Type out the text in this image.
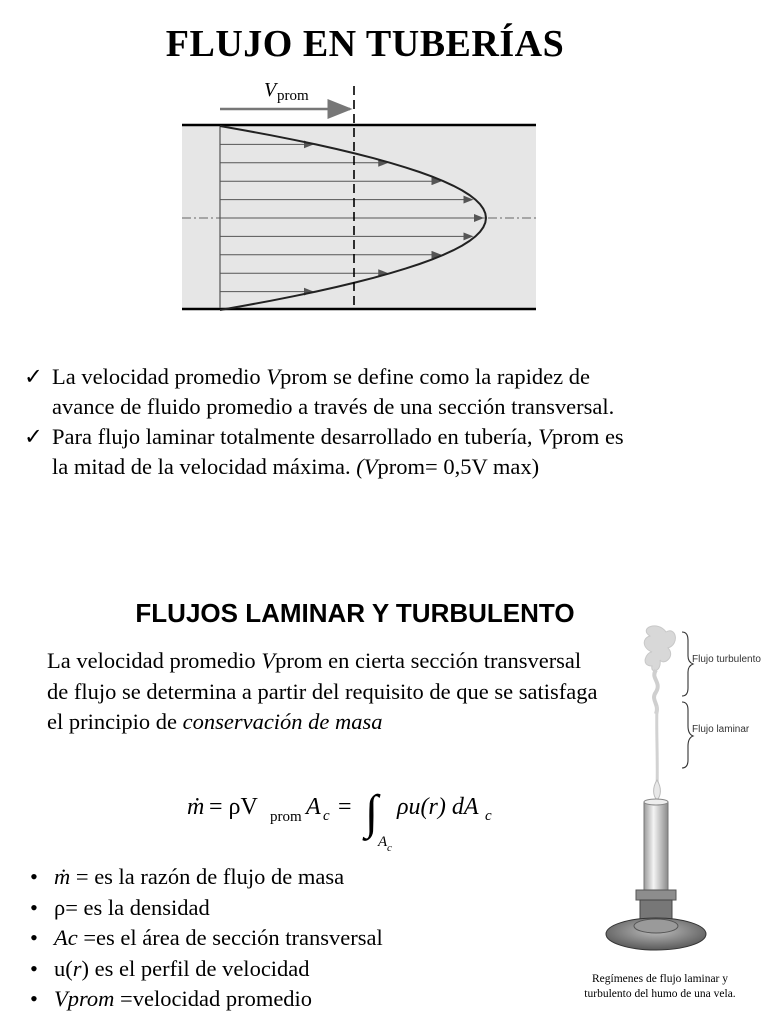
FLUJO EN TUBERÍAS
V prom
✓ La velocidad promedio Vprom se define como la rapidez de
avance de fluido promedio a través de una sección transversal.
✓ Para flujo laminar totalmente desarrollado en tubería, Vprom es
la mitad de la velocidad máxima. (Vprom= 0,5V max)
FLUJOS LAMINAR Y TURBULENTO
La velocidad promedio Vprom en cierta sección transversal de flujo se determina a partir del requisito de que se satisfaga el principio de conservación de masa
ṁ = ρV prom A c = ∫
A c
ρu(r) dA c
• ṁ = es la razón de flujo de masa
• ρ= es la densidad
• Ac =es el área de sección transversal
• u(r) es el perfil de velocidad
• Vprom =velocidad promedio
Flujo turbulento
Flujo laminar
Regímenes de flujo laminar y
turbulento del humo de una vela.
